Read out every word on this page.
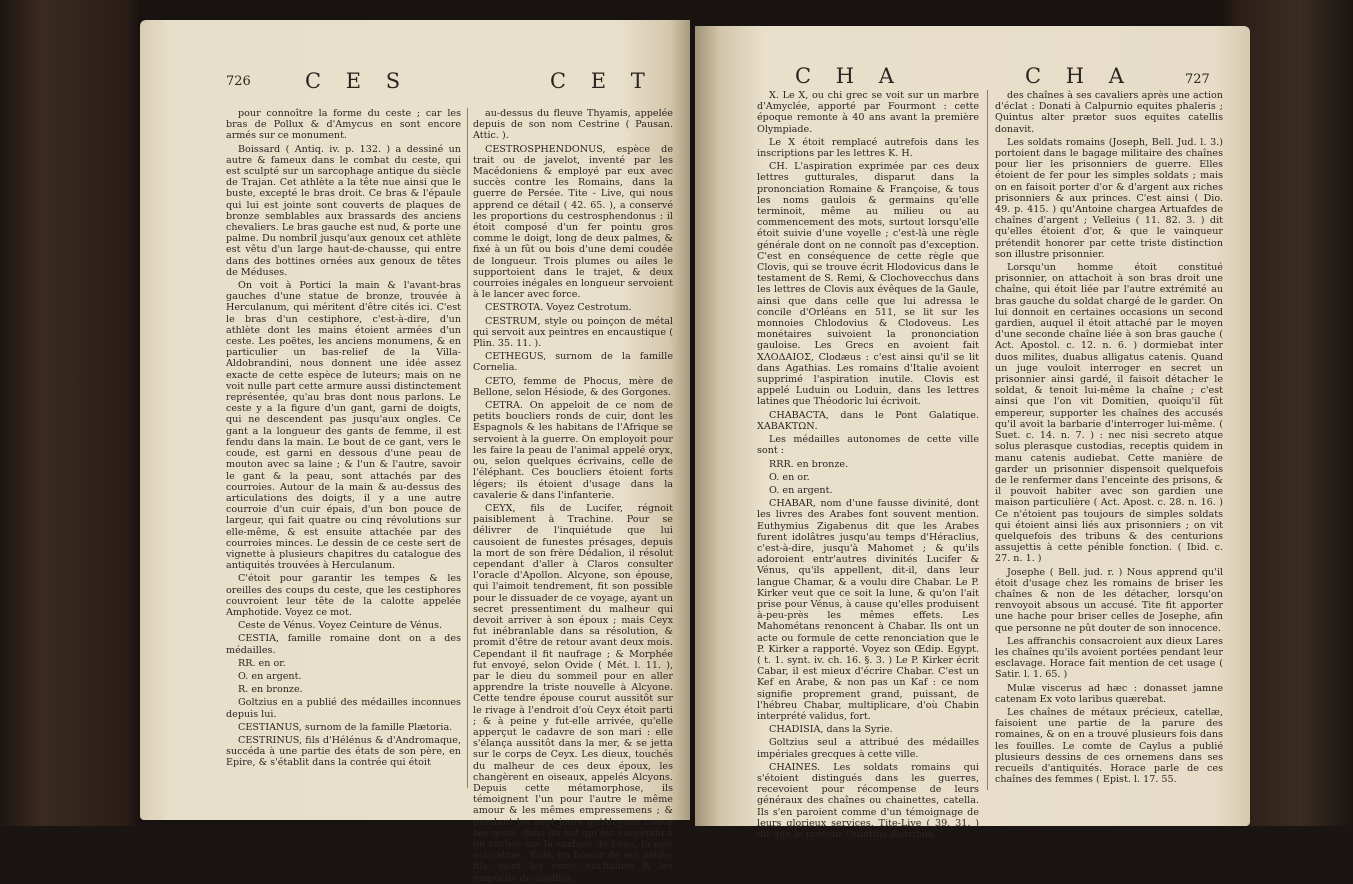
726	C E S	C E T

pour connoître la forme du ceste ; car les bras de Pollux & d'Amycus en sont encore armés sur ce monument.

Boissard ( Antiq. iv. p. 132. ) a dessiné un autre & fameux dans le combat du ceste, qui est sculpté sur un sarcophage antique du siècle de Trajan. Cet athlète a la tête nue ainsi que le buste, excepté le bras droit. Ce bras & l'épaule qui lui est jointe sont couverts de plaques de bronze semblables aux brassards des anciens chevaliers. Le bras gauche est nud, & porte une palme. Du nombril jusqu'aux genoux cet athlète est vêtu d'un large haut-de-chausse, qui entre dans des bottines ornées aux genoux de têtes de Méduses.

On voit à Portici la main & l'avant-bras gauches d'une statue de bronze, trouvée à Herculanum, qui méritent d'être cités ici. C'est le bras d'un cestiphore, c'est-à-dire, d'un athlète dont les mains étoient armées d'un ceste. Les poëtes, les anciens monumens, & en particulier un bas-relief de la Villa-Aldobrandini, nous donnent une idée assez exacte de cette espèce de luteurs; mais on ne voit nulle part cette armure aussi distinctement représentée, qu'au bras dont nous parlons. Le ceste y a la figure d'un gant, garni de doigts, qui ne descendent pas jusqu'aux ongles. Ce gant a la longueur des gants de femme, il est fendu dans la main. Le bout de ce gant, vers le coude, est garni en dessous d'une peau de mouton avec sa laine ; & l'un & l'autre, savoir le gant & la peau, sont attachés par des courroies. Autour de la main & au-dessus des articulations des doigts, il y a une autre courroie d'un cuir épais, d'un bon pouce de largeur, qui fait quatre ou cinq révolutions sur elle-même, & est ensuite attachée par des courroies minces. Le dessin de ce ceste sert de vignette à plusieurs chapitres du catalogue des antiquités trouvées à Herculanum.

C'étoit pour garantir les tempes & les oreilles des coups du ceste, que les cestiphores couvroient leur tête de la calotte appelée Amphotide. Voyez ce mot.

Ceste de Vénus. Voyez Ceinture de Vénus.

CESTIA, famille romaine dont on a des médailles.

RR. en or.

O. en argent.

R. en bronze.

Goltzius en a publié des médailles inconnues depuis lui.

CESTIANUS, surnom de la famille Plætoria.

CESTRINUS, fils d'Hélénus & d'Andromaque, succéda à une partie des états de son père, en Epire, & s'établit dans la contrée qui étoit

au-dessus du fleuve Thyamis, appelée depuis de son nom Cestrine ( Pausan. Attic. ).

CESTROSPHENDONUS, espèce de trait ou de javelot, inventé par les Macédoniens & employé par eux avec succès contre les Romains, dans la guerre de Persée. Tite - Live, qui nous apprend ce détail ( 42. 65. ), a conservé les proportions du cestrosphendonus : il étoit composé d'un fer pointu gros comme le doigt, long de deux palmes, & fixé à un fût ou bois d'une demi coudée de longueur. Trois plumes ou ailes le supportoient dans le trajet, & deux courroies inégales en longueur servoient à le lancer avec force.

CESTROTA. Voyez Cestrotum.

CESTRUM, style ou poinçon de métal qui servoit aux peintres en encaustique ( Plin. 35. 11. ).

CETHEGUS, surnom de la famille Cornelia.

CETO, femme de Phocus, mère de Bellone, selon Hésiode, & des Gorgones.

CETRA. On appeloit de ce nom de petits boucliers ronds de cuir, dont les Espagnols & les habitans de l'Afrique se servoient à la guerre. On employoit pour les faire la peau de l'animal appelé oryx, ou, selon quelques écrivains, celle de l'éléphant. Ces boucliers étoient forts légers; ils étoient d'usage dans la cavalerie & dans l'infanterie.

CEYX, fils de Lucifer, régnoit paisiblement à Trachine. Pour se délivrer de l'inquiétude que lui causoient de funestes présages, depuis la mort de son frère Dédalion, il résolut cependant d'aller à Claros consulter l'oracle d'Apollon. Alcyone, son épouse, qui l'aimoit tendrement, fit son possible pour le dissuader de ce voyage, ayant un secret pressentiment du malheur qui devoit arriver à son époux ; mais Ceyx fut inébranlable dans sa résolution, & promit d'être de retour avant deux mois. Cependant il fit naufrage ; & Morphée fut envoyé, selon Ovide ( Mét. l. 11. ), par le dieu du sommeil pour en aller apprendre la triste nouvelle à Alcyone. Cette tendre épouse courut aussitôt sur le rivage à l'endroit d'où Ceyx étoit parti ; & à peine y fut-elle arrivée, qu'elle apperçut le cadavre de son mari : elle s'élança aussitôt dans la mer, & se jetta sur le corps de Ceyx. Les dieux, touchés du malheur de ces deux époux, les changèrent en oiseaux, appelés Alcyons. Depuis cette métamorphose, ils témoignent l'un pour l'autre le même amour & les mêmes empressemens ; & pendant les sept jours qu'Alcyone couve ses œufs, dans un nid qui est suspendu à un rocher sur la surface de l'eau, la mer est calme ; Eole, en faveur de ses petits-fils, tient les vents enchaînés & les empêche de souffler.

C H A	C H A	727

X. Le X, ou chi grec se voit sur un marbre d'Amyclée, apporté par Fourmont : cette époque remonte à 40 ans avant la première Olympiade.

Le X étoit remplacé autrefois dans les inscriptions par les lettres K. H.

CH. L'aspiration exprimée par ces deux lettres gutturales, disparut dans la prononciation Romaine & Françoise, & tous les noms gaulois & germains qu'elle terminoit, même au milieu ou au commencement des mots, surtout lorsqu'elle étoit suivie d'une voyelle ; c'est-là une règle générale dont on ne connoît pas d'exception. C'est en conséquence de cette règle que Clovis, qui se trouve écrit Hlodovicus dans le testament de S. Remi, & Clochovecchus dans les lettres de Clovis aux évêques de la Gaule, ainsi que dans celle que lui adressa le concile d'Orléans en 511, se lit sur les monnoies Chlodovius & Clodoveus. Les monétaires suivoient la prononciation gauloise. Les Grecs en avoient fait ΧΛΟΔΑΙΟΣ, Clodæus : c'est ainsi qu'il se lit dans Agathias. Les romains d'Italie avoient supprimé l'aspiration inutile. Clovis est appelé Luduin ou Loduin, dans les lettres latines que Théodoric lui écrivoit.

CHABACTA, dans le Pont Galatique. ΧΑΒΑΚΤΩΝ.

Les médailles autonomes de cette ville sont :

RRR. en bronze.

O. en or.

O. en argent.

CHABAR, nom d'une fausse divinité, dont les livres des Arabes font souvent mention. Euthymius Zigabenus dit que les Arabes furent idolâtres jusqu'au temps d'Héraclius, c'est-à-dire, jusqu'à Mahomet ; & qu'ils adoroient entr'autres divinités Lucifer & Vénus, qu'ils appellent, dit-il, dans leur langue Chamar, & a voulu dire Chabar. Le P. Kirker veut que ce soit la lune, & qu'on l'ait prise pour Vénus, à cause qu'elles produisent à-peu-près les mêmes effets. Les Mahométans renoncent à Chabar. Ils ont un acte ou formule de cette renonciation que le P. Kirker a rapporté. Voyez son Œdip. Egypt. ( t. 1. synt. iv. ch. 16. §. 3. ) Le P. Kirker écrit Cabar, il est mieux d'écrire Chabar. C'est un Kef en Arabe, & non pas un Kaf : ce nom signifie proprement grand, puissant, de l'hébreu Chabar, multiplicare, d'où Chabin interprété validus, fort.

CHADISIA, dans la Syrie.

Goltzius seul a attribué des médailles impériales grecques à cette ville.

CHAINES. Les soldats romains qui s'étoient distingués dans les guerres, recevoient pour récompense de leurs généraux des chaînes ou chainettes, catella. Ils s'en paroient comme d'un témoignage de leurs glorieux services. Tite-Live ( 39. 31. ) dit que le préteur Quintius distribua

des chaînes à ses cavaliers après une action d'éclat : Donati à Calpurnio equites phaleris ; Quintus alter prætor suos equites catellis donavit.

Les soldats romains (Joseph, Bell. Jud. l. 3.) portoient dans le bagage militaire des chaînes pour lier les prisonniers de guerre. Elles étoient de fer pour les simples soldats ; mais on en faisoit porter d'or & d'argent aux riches prisonniers & aux princes. C'est ainsi ( Dio. 49. p. 415. ) qu'Antoine chargea Artuafdes de chaînes d'argent ; Velleius ( 11. 82. 3. ) dit qu'elles étoient d'or, & que le vainqueur prétendit honorer par cette triste distinction son illustre prisonnier.

Lorsqu'un homme étoit constitué prisonnier, on attachoit à son bras droit une chaîne, qui étoit liée par l'autre extrémité au bras gauche du soldat chargé de le garder. On lui donnoit en certaines occasions un second gardien, auquel il étoit attaché par le moyen d'une seconde chaîne liée à son bras gauche ( Act. Apostol. c. 12. n. 6. ) dormiebat inter duos milites, duabus alligatus catenis. Quand un juge vouloit interroger en secret un prisonnier ainsi gardé, il faisoit détacher le soldat, & tenoit lui-même la chaîne ; c'est ainsi que l'on vit Domitien, quoiqu'il fût empereur, supporter les chaînes des accusés qu'il avoit la barbarie d'interroger lui-même. ( Suet. c. 14. n. 7. ) : nec nisi secreto atque solus plerasque custodias, receptis quidem in manu catenis audiebat. Cette manière de garder un prisonnier dispensoit quelquefois de le renfermer dans l'enceinte des prisons, & il pouvoit habiter avec son gardien une maison particulière ( Act. Apost. c. 28. n. 16. ) Ce n'étoient pas toujours de simples soldats qui étoient ainsi liés aux prisonniers ; on vit quelquefois des tribuns & des centurions assujettis à cette pénible fonction. ( Ibid. c. 27. n. 1. )

Josephe ( Bell. jud. r. ) Nous apprend qu'il étoit d'usage chez les romains de briser les chaînes & non de les détacher, lorsqu'on renvoyoit absous un accusé. Tite fit apporter une hache pour briser celles de Josephe, afin que personne ne pût douter de son innocence.

Les affranchis consacroient aux dieux Lares les chaînes qu'ils avoient portées pendant leur esclavage. Horace fait mention de cet usage ( Satir. l. 1. 65. )

Mulæ viscerus ad hæc : donasset jamne catenam Ex voto laribus quærebat.

Les chaînes de métaux précieux, catellæ, faisoient une partie de la parure des romaines, & on en a trouvé plusieurs fois dans les fouilles. Le comte de Caylus a publié plusieurs dessins de ces ornemens dans ses recueils d'antiquités. Horace parle de ces chaînes des femmes ( Epist. l. 17. 55.
